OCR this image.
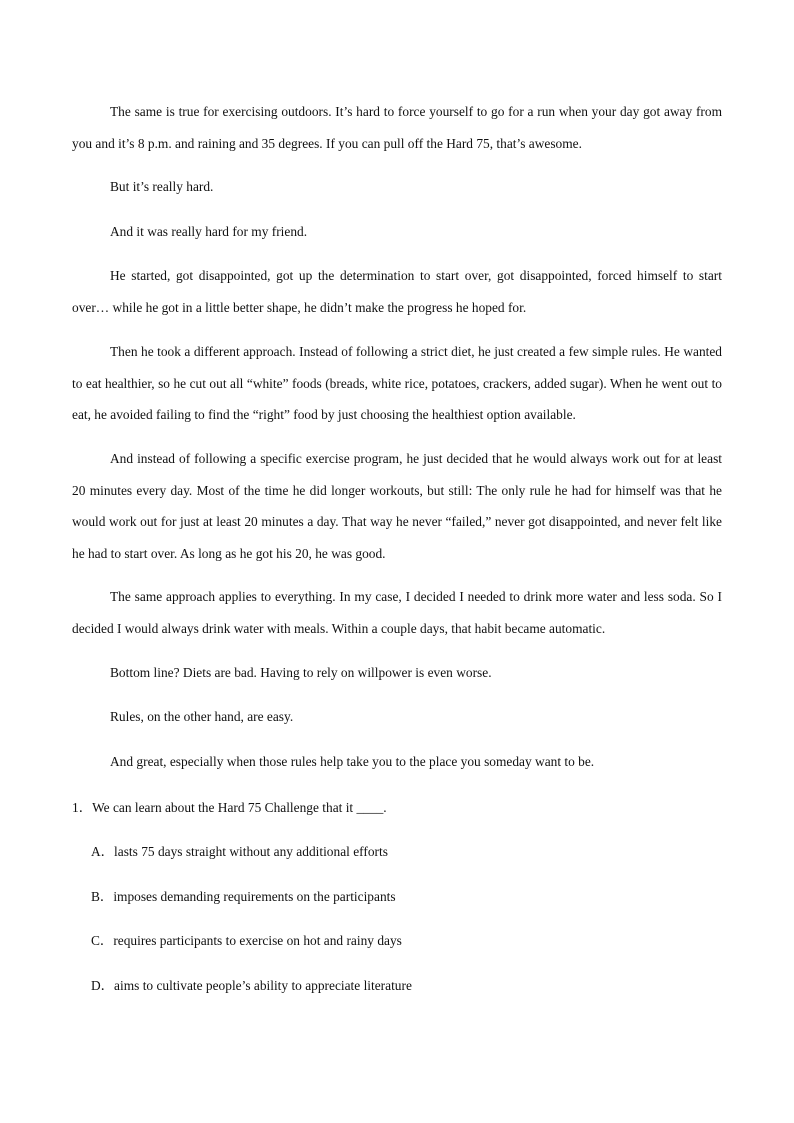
The same is true for exercising outdoors. It’s hard to force yourself to go for a run when your day got away from you and it’s 8 p.m. and raining and 35 degrees. If you can pull off the Hard 75, that’s awesome.

But it’s really hard.

And it was really hard for my friend.

He started, got disappointed, got up the determination to start over, got disappointed, forced himself to start over… while he got in a little better shape, he didn’t make the progress he hoped for.

Then he took a different approach. Instead of following a strict diet, he just created a few simple rules. He wanted to eat healthier, so he cut out all “white” foods (breads, white rice, potatoes, crackers, added sugar). When he went out to eat, he avoided failing to find the “right” food by just choosing the healthiest option available.

And instead of following a specific exercise program, he just decided that he would always work out for at least 20 minutes every day. Most of the time he did longer workouts, but still: The only rule he had for himself was that he would work out for just at least 20 minutes a day. That way he never “failed,” never got disappointed, and never felt like he had to start over. As long as he got his 20, he was good.

The same approach applies to everything. In my case, I decided I needed to drink more water and less soda. So I decided I would always drink water with meals. Within a couple days, that habit became automatic.

Bottom line? Diets are bad. Having to rely on willpower is even worse.

Rules, on the other hand, are easy.

And great, especially when those rules help take you to the place you someday want to be.

1．We can learn about the Hard 75 Challenge that it ____.

A．lasts 75 days straight without any additional efforts

B．imposes demanding requirements on the participants

C．requires participants to exercise on hot and rainy days

D．aims to cultivate people’s ability to appreciate literature
